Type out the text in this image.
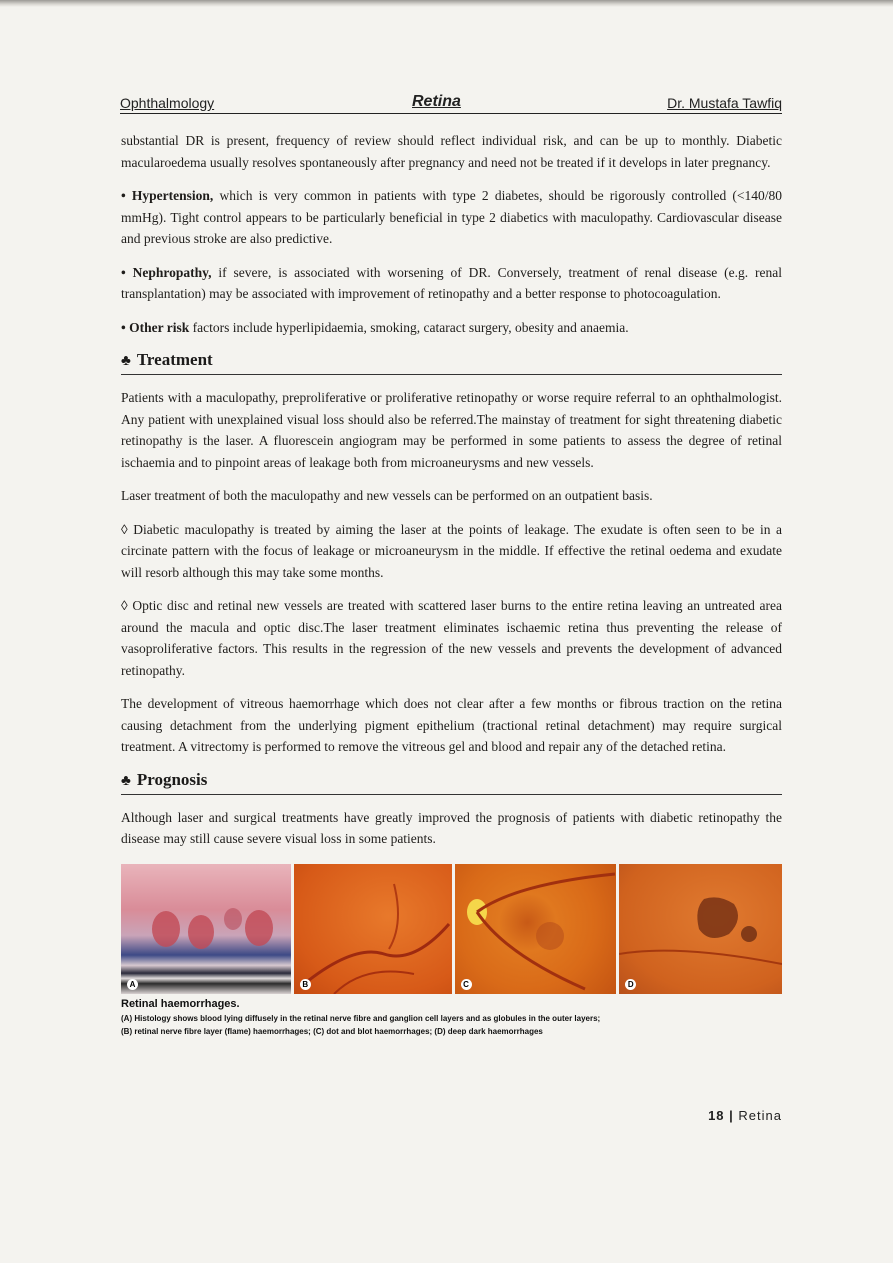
Ophthalmology	Retina	Dr. Mustafa Tawfiq

substantial DR is present, frequency of review should reflect individual risk, and can be up to monthly. Diabetic macularoedema usually resolves spontaneously after pregnancy and need not be treated if it develops in later pregnancy.

• Hypertension, which is very common in patients with type 2 diabetes, should be rigorously controlled (<140/80 mmHg). Tight control appears to be particularly beneficial in type 2 diabetics with maculopathy. Cardiovascular disease and previous stroke are also predictive.

• Nephropathy, if severe, is associated with worsening of DR. Conversely, treatment of renal disease (e.g. renal transplantation) may be associated with improvement of retinopathy and a better response to photocoagulation.

• Other risk factors include hyperlipidaemia, smoking, cataract surgery, obesity and anaemia.

♣ Treatment

Patients with a maculopathy, preproliferative or proliferative retinopathy or worse require referral to an ophthalmologist. Any patient with unexplained visual loss should also be referred.The mainstay of treatment for sight threatening diabetic retinopathy is the laser. A fluorescein angiogram may be performed in some patients to assess the degree of retinal ischaemia and to pinpoint areas of leakage both from microaneurysms and new vessels.

Laser treatment of both the maculopathy and new vessels can be performed on an outpatient basis.

◊ Diabetic maculopathy is treated by aiming the laser at the points of leakage. The exudate is often seen to be in a circinate pattern with the focus of leakage or microaneurysm in the middle. If effective the retinal oedema and exudate will resorb although this may take some months.

◊ Optic disc and retinal new vessels are treated with scattered laser burns to the entire retina leaving an untreated area around the macula and optic disc.The laser treatment eliminates ischaemic retina thus preventing the release of vasoproliferative factors. This results in the regression of the new vessels and prevents the development of advanced retinopathy.

The development of vitreous haemorrhage which does not clear after a few months or fibrous traction on the retina causing detachment from the underlying pigment epithelium (tractional retinal detachment) may require surgical treatment. A vitrectomy is performed to remove the vitreous gel and blood and repair any of the detached retina.

♣ Prognosis

Although laser and surgical treatments have greatly improved the prognosis of patients with diabetic retinopathy the disease may still cause severe visual loss in some patients.

A	B	C	D
Retinal haemorrhages.
(A) Histology shows blood lying diffusely in the retinal nerve fibre and ganglion cell layers and as globules in the outer layers;
(B) retinal nerve fibre layer (flame) haemorrhages; (C) dot and blot haemorrhages; (D) deep dark haemorrhages
18 | Retina
